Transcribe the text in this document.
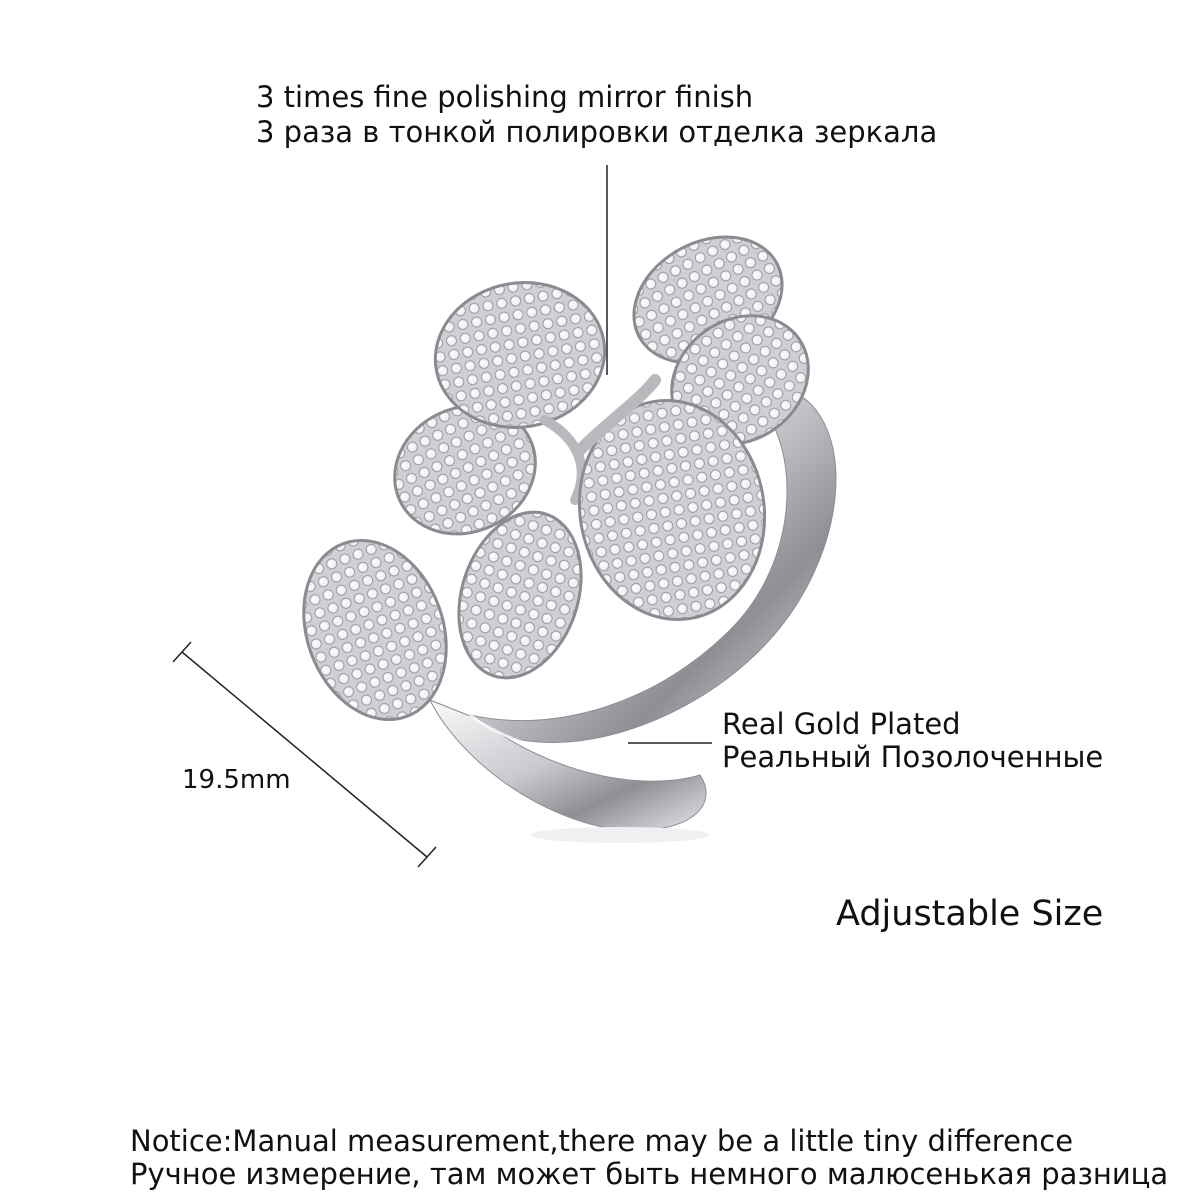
3 times fine polishing mirror finish
3 раза в тонкой полировки отделка зеркала
Real Gold Plated
Реальный Позолоченные
19.5mm
Adjustable Size
Notice:Manual measurement,there may be a little tiny difference
Ручное измерение, там может быть немного малюсенькая разница
